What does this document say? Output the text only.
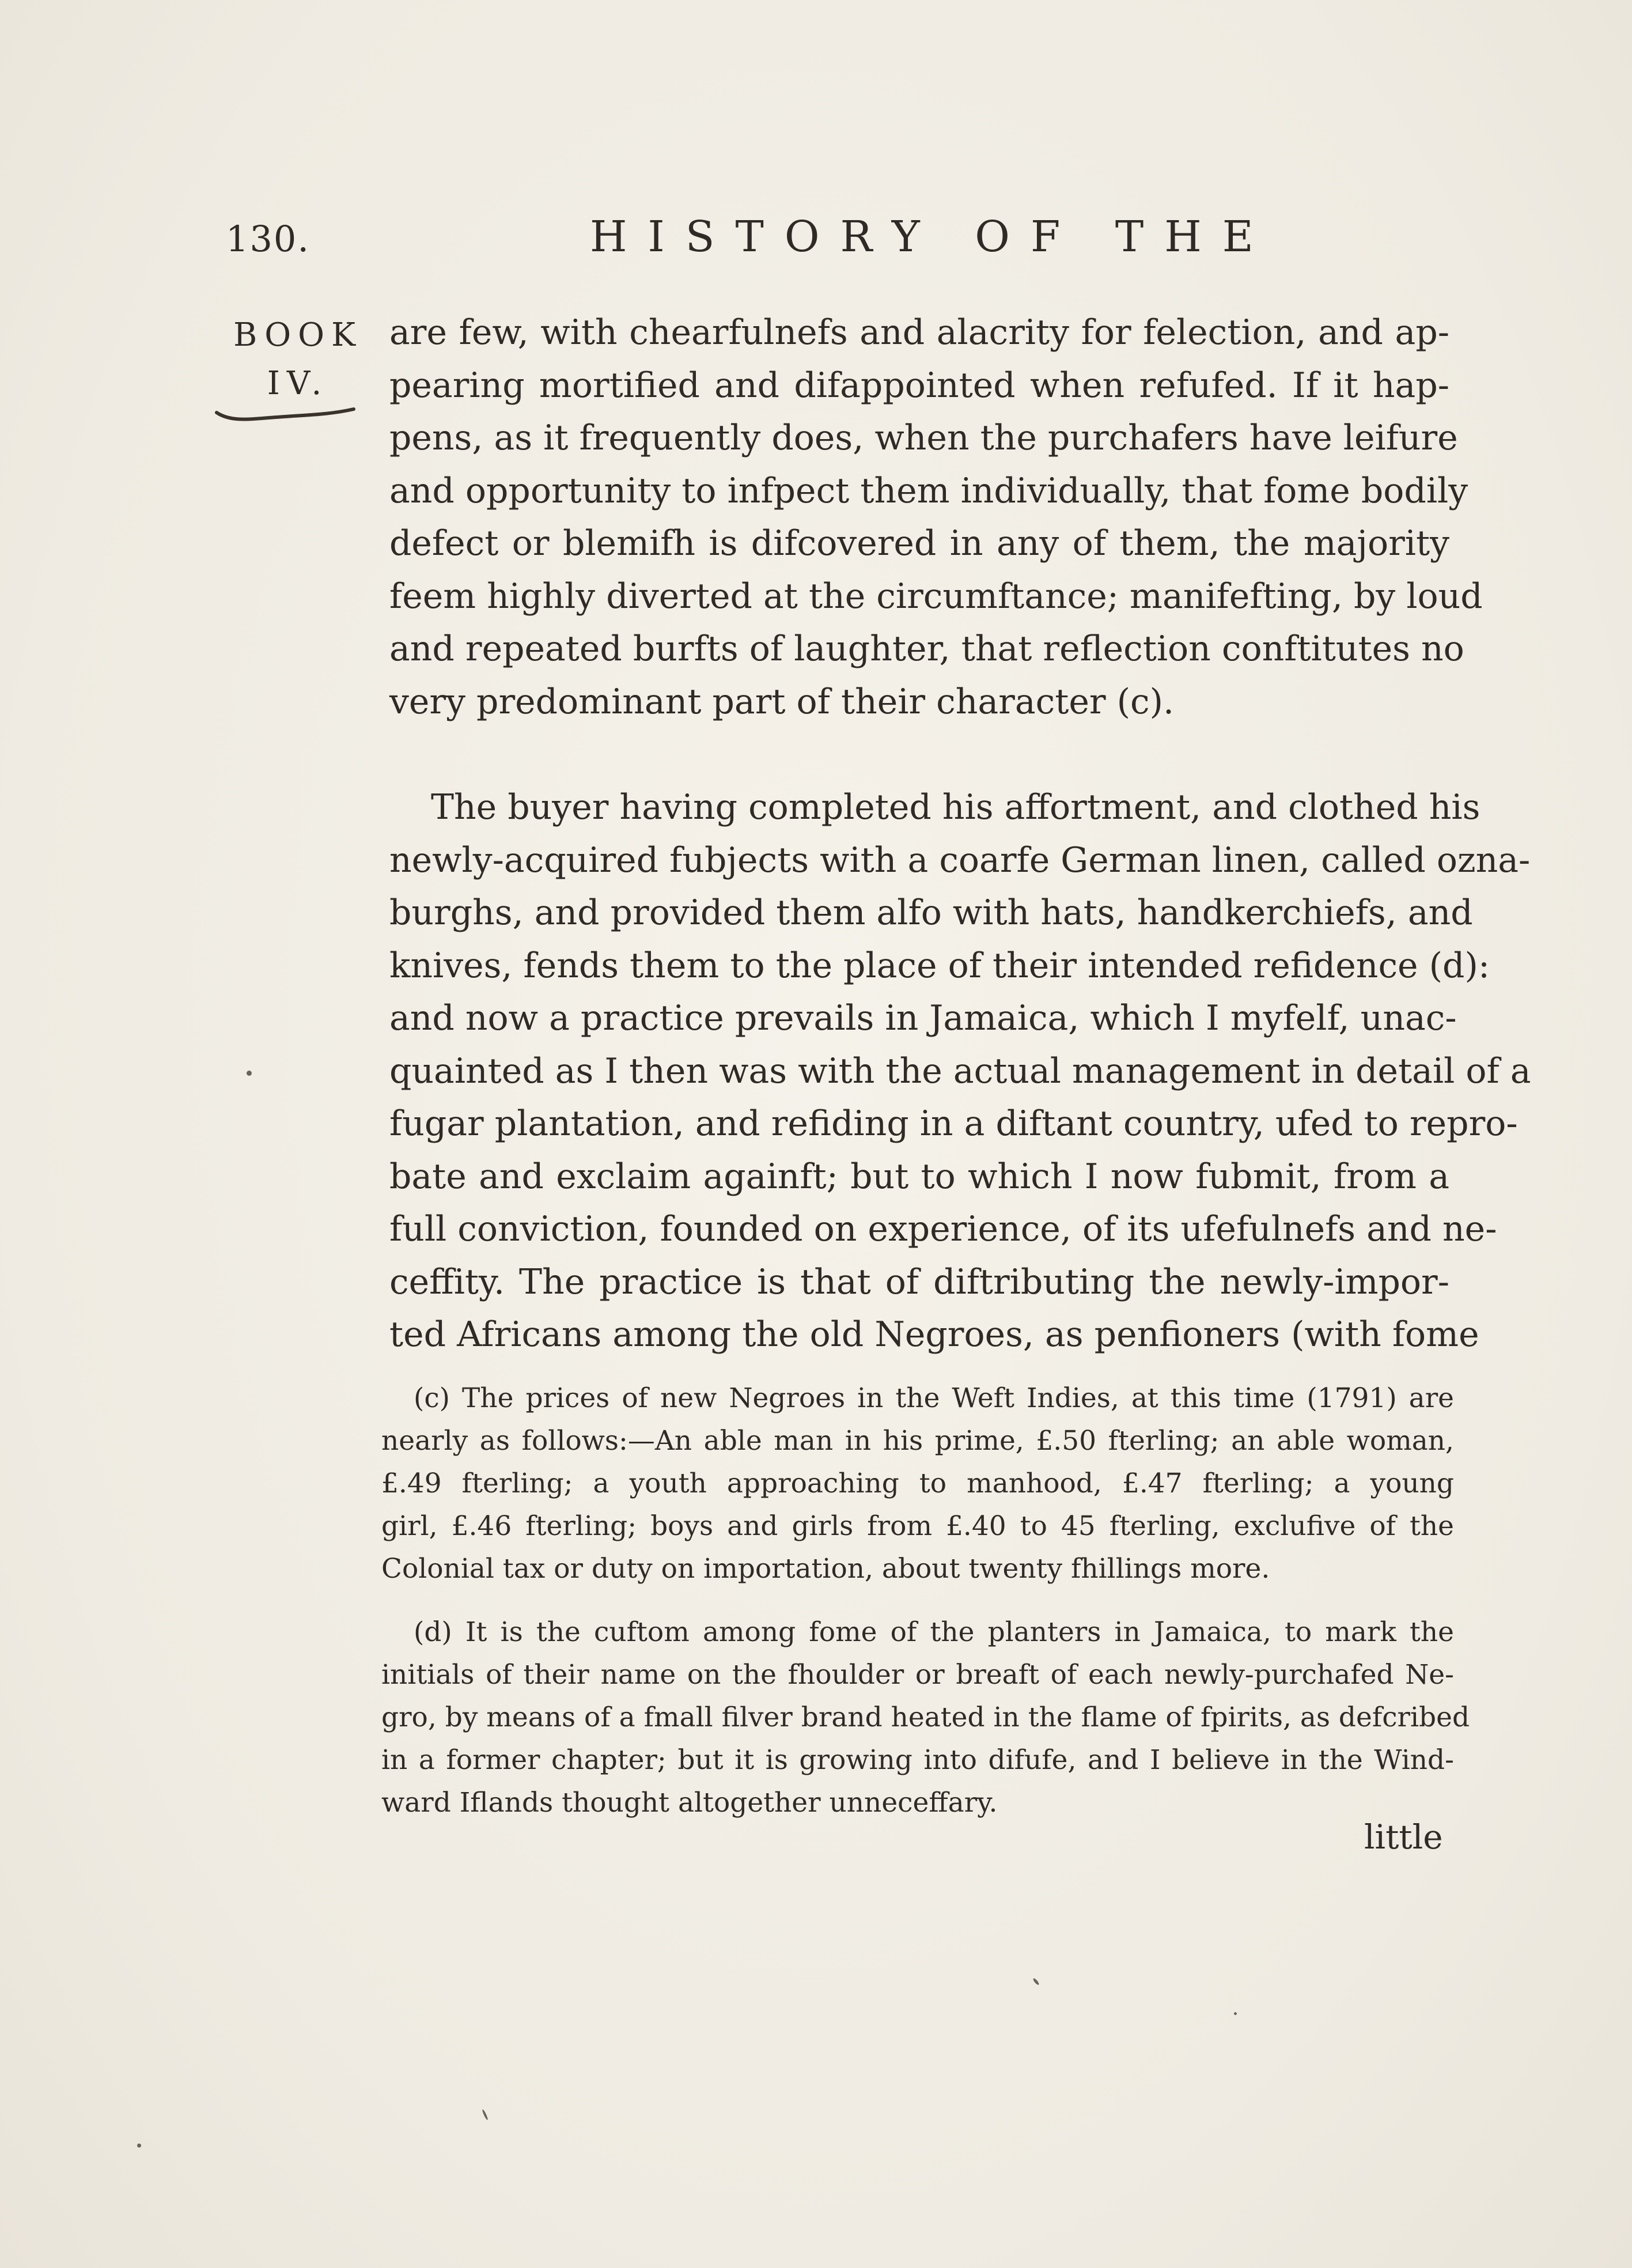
130.	HISTORY OF THE
BOOK
IV.
are few, with chearfulnefs and alacrity for felection, and ap-
pearing mortified and difappointed when refufed. If it hap-
pens, as it frequently does, when the purchafers have leifure
and opportunity to infpect them individually, that fome bodily
defect or blemifh is difcovered in any of them, the majority
feem highly diverted at the circumftance; manifefting, by loud
and repeated burfts of laughter, that reflection conftitutes no
very predominant part of their character (c).
The buyer having completed his affortment, and clothed his
newly-acquired fubjects with a coarfe German linen, called ozna-
burghs, and provided them alfo with hats, handkerchiefs, and
knives, fends them to the place of their intended refidence (d):
and now a practice prevails in Jamaica, which I myfelf, unac-
quainted as I then was with the actual management in detail of a
fugar plantation, and refiding in a diftant country, ufed to repro-
bate and exclaim againft; but to which I now fubmit, from a
full conviction, founded on experience, of its ufefulnefs and ne-
ceffity. The practice is that of diftributing the newly-impor-
ted Africans among the old Negroes, as penfioners (with fome
(c) The prices of new Negroes in the Weft Indies, at this time (1791) are
nearly as follows:—An able man in his prime, £.50 fterling; an able woman,
£.49 fterling; a youth approaching to manhood, £.47 fterling; a young
girl, £.46 fterling; boys and girls from £.40 to 45 fterling, exclufive of the
Colonial tax or duty on importation, about twenty fhillings more.
(d) It is the cuftom among fome of the planters in Jamaica, to mark the
initials of their name on the fhoulder or breaft of each newly-purchafed Ne-
gro, by means of a fmall filver brand heated in the flame of fpirits, as defcribed
in a former chapter; but it is growing into difufe, and I believe in the Wind-
ward Iflands thought altogether unneceffary.
little
